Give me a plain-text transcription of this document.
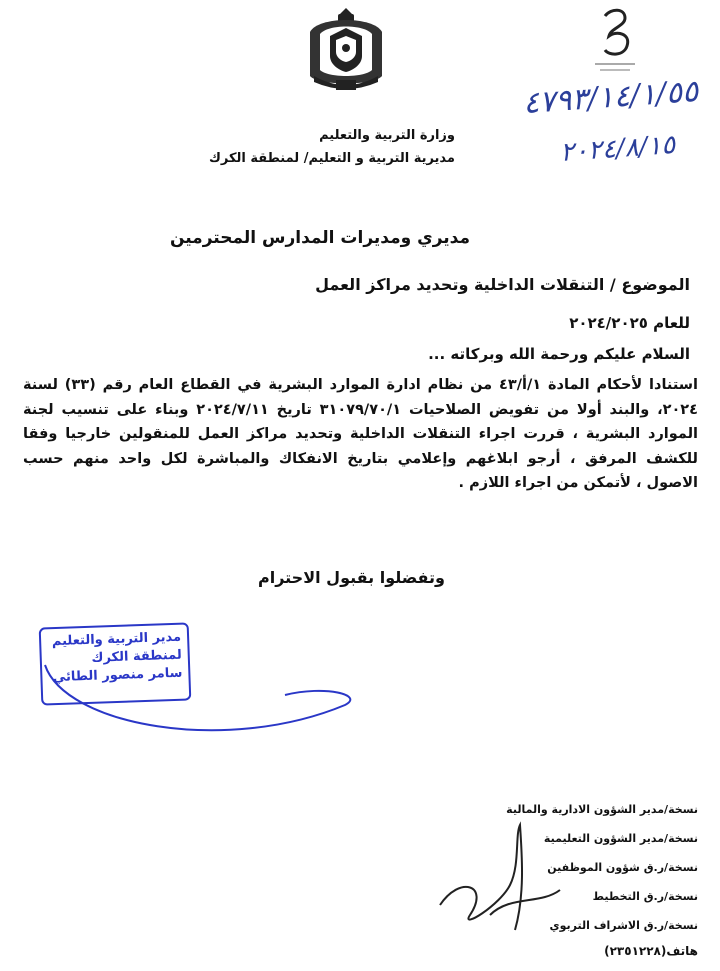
٤٧٩٣/١٤/١/٥٥
٢٠٢٤/٨/١٥
وزارة التربية والتعليم
مديرية التربية و التعليم/ لمنطقة الكرك
مديري ومديرات المدارس المحترمين
الموضوع / التنقلات الداخلية وتحديد مراكز العمل
للعام ٢٠٢٤/٢٠٢٥
السلام عليكم ورحمة الله وبركاته ...
استنادا لأحكام المادة ١/أ/٤٣ من نظام ادارة الموارد البشرية في القطاع العام رقم (٣٣) لسنة ٢٠٢٤، والبند أولا من تفويض الصلاحيات ٣١٠٧٩/٧٠/١ تاريخ ٢٠٢٤/٧/١١ وبناء على تنسيب لجنة الموارد البشرية ، قررت اجراء التنقلات الداخلية وتحديد مراكز العمل للمنقولين خارجيا وفقا للكشف المرفق ، أرجو ابلاغهم وإعلامي بتاريخ الانفكاك والمباشرة لكل واحد منهم حسب الاصول ، لأتمكن من اجراء اللازم .
وتفضلوا بقبول الاحترام
مدير التربية والتعليم
لمنطقة الكرك
سامر منصور الطائي
نسخة/مدير الشؤون الادارية والمالية
نسخة/مدير الشؤون التعليمية
نسخة/ر.ق شؤون الموظفين
نسخة/ر.ق التخطيط
نسخة/ر.ق الاشراف التربوي
هاتف(٢٣٥١٢٢٨)
